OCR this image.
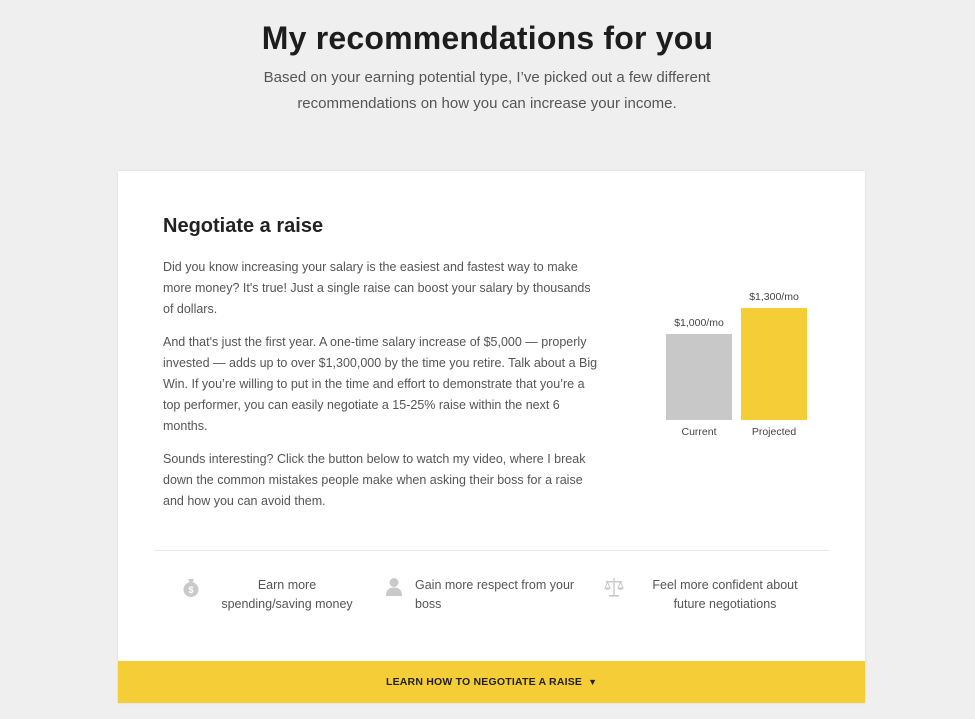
My recommendations for you
Based on your earning potential type, I’ve picked out a few different recommendations on how you can increase your income.
Negotiate a raise

Did you know increasing your salary is the easiest and fastest way to make more money? It's true! Just a single raise can boost your salary by thousands of dollars.

And that's just the first year. A one-time salary increase of $5,000 — properly invested — adds up to over $1,300,000 by the time you retire. Talk about a Big Win. If you’re willing to put in the time and effort to demonstrate that you’re a top performer, you can easily negotiate a 15-25% raise within the next 6 months.

Sounds interesting? Click the button below to watch my video, where I break down the common mistakes people make when asking their boss for a raise and how you can avoid them.

$1,000/mo
Current
$1,300/mo
Projected
$	Earn more spending/saving money
Gain more respect from your boss
Feel more confident about future negotiations
LEARN HOW TO NEGOTIATE A RAISE ▼
